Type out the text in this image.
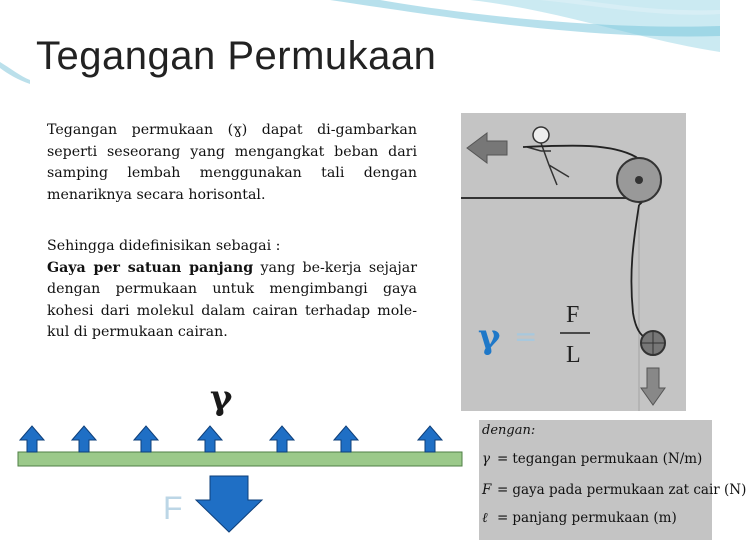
Tegangan Permukaan
Tegangan permukaan (ɣ) dapat di-gambarkan seperti seseorang yang mengangkat beban dari samping lembah menggunakan tali dengan menariknya secara horisontal.
Sehingga didefinisikan sebagai :
Gaya per satuan panjang yang be-kerja sejajar dengan permukaan untuk mengimbangi gaya kohesi dari molekul dalam cairan terhadap mole-kul di permukaan cairan.
γ
F
γ =
F
L
dengan:
γ = tegangan permukaan (N/m)
F = gaya pada permukaan zat cair (N)
ℓ = panjang permukaan (m)
